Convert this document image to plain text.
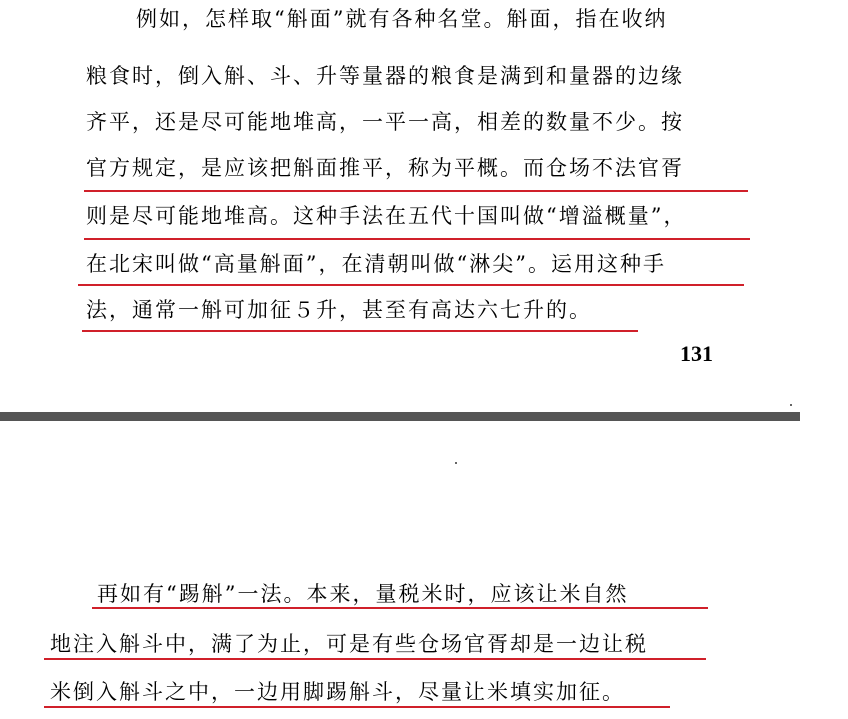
例如，怎样取“斛面”就有各种名堂。斛面，指在收纳
粮食时，倒入斛、斗、升等量器的粮食是满到和量器的边缘
齐平，还是尽可能地堆高，一平一高，相差的数量不少。按
官方规定，是应该把斛面推平，称为平概。而仓场不法官胥
则是尽可能地堆高。这种手法在五代十国叫做“增溢概量”，
在北宋叫做“高量斛面”，在清朝叫做“淋尖”。运用这种手
法，通常一斛可加征５升，甚至有高达六七升的。
131
再如有“踢斛”一法。本来，量税米时，应该让米自然
地注入斛斗中，满了为止，可是有些仓场官胥却是一边让税
米倒入斛斗之中，一边用脚踢斛斗，尽量让米填实加征。
